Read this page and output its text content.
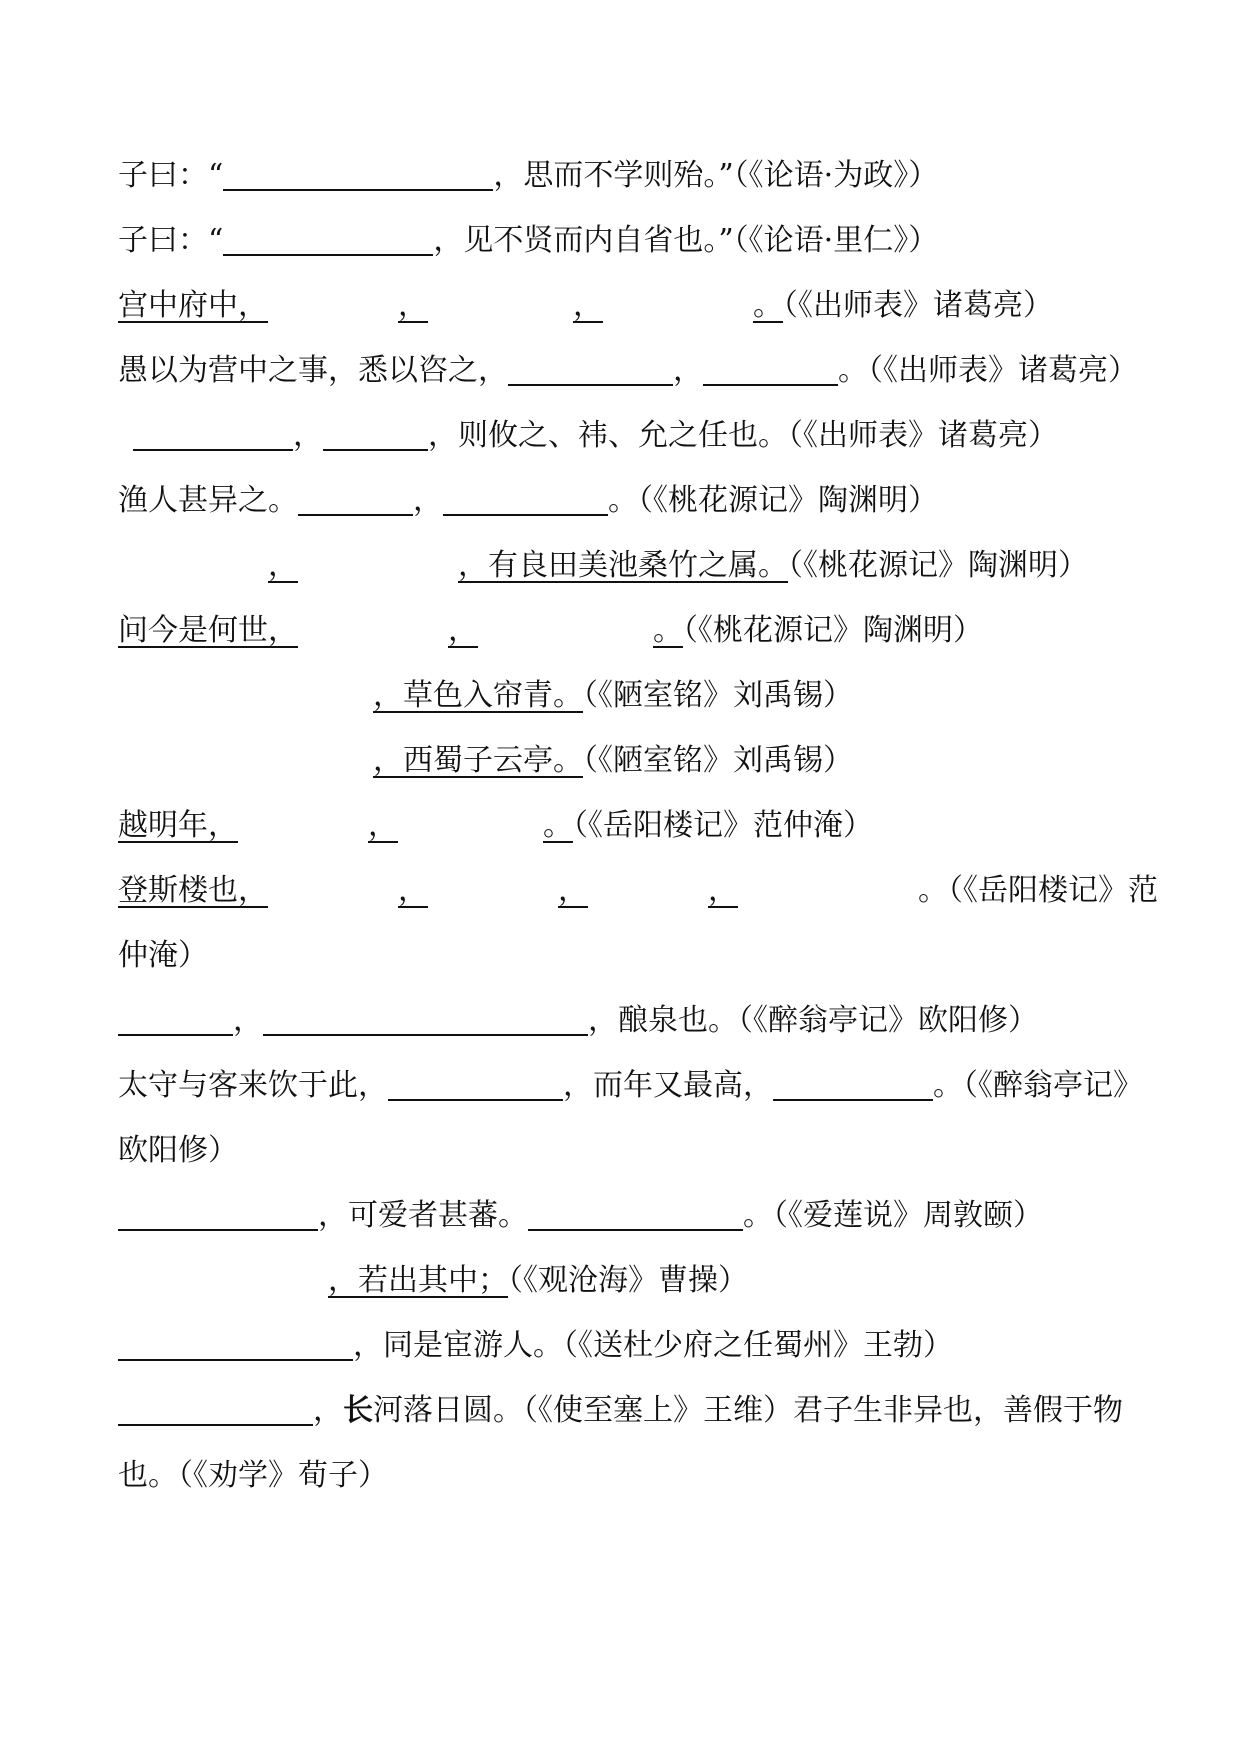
子曰：“	，思而不学则殆。”（《论语·为政》）
子曰：“	，见不贤而内自省也。”（《论语·里仁》）
宫中府中，	，	，	。（《出师表》诸葛亮）
愚以为营中之事，悉以咨之，	，	。（《出师表》诸葛亮）
，	，则攸之、祎、允之任也。（《出师表》诸葛亮）
渔人甚异之。	，	。（《桃花源记》陶渊明）
，	，有良田美池桑竹之属。（《桃花源记》陶渊明）
问今是何世，	，	。（《桃花源记》陶渊明）
，草色入帘青。（《陋室铭》刘禹锡）
，西蜀子云亭。（《陋室铭》刘禹锡）
越明年，	，	。（《岳阳楼记》范仲淹）
登斯楼也，	，	，	，	。（《岳阳楼记》范仲淹）
，	，酿泉也。（《醉翁亭记》欧阳修）
太守与客来饮于此，	，而年又最高，	。（《醉翁亭记》欧阳修）
，可爱者甚蕃。	。（《爱莲说》周敦颐）
，若出其中；（《观沧海》曹操）
，同是宦游人。（《送杜少府之任蜀州》王勃）
，长河落日圆。（《使至塞上》王维）君子生非异也，善假于物也。（《劝学》荀子）
